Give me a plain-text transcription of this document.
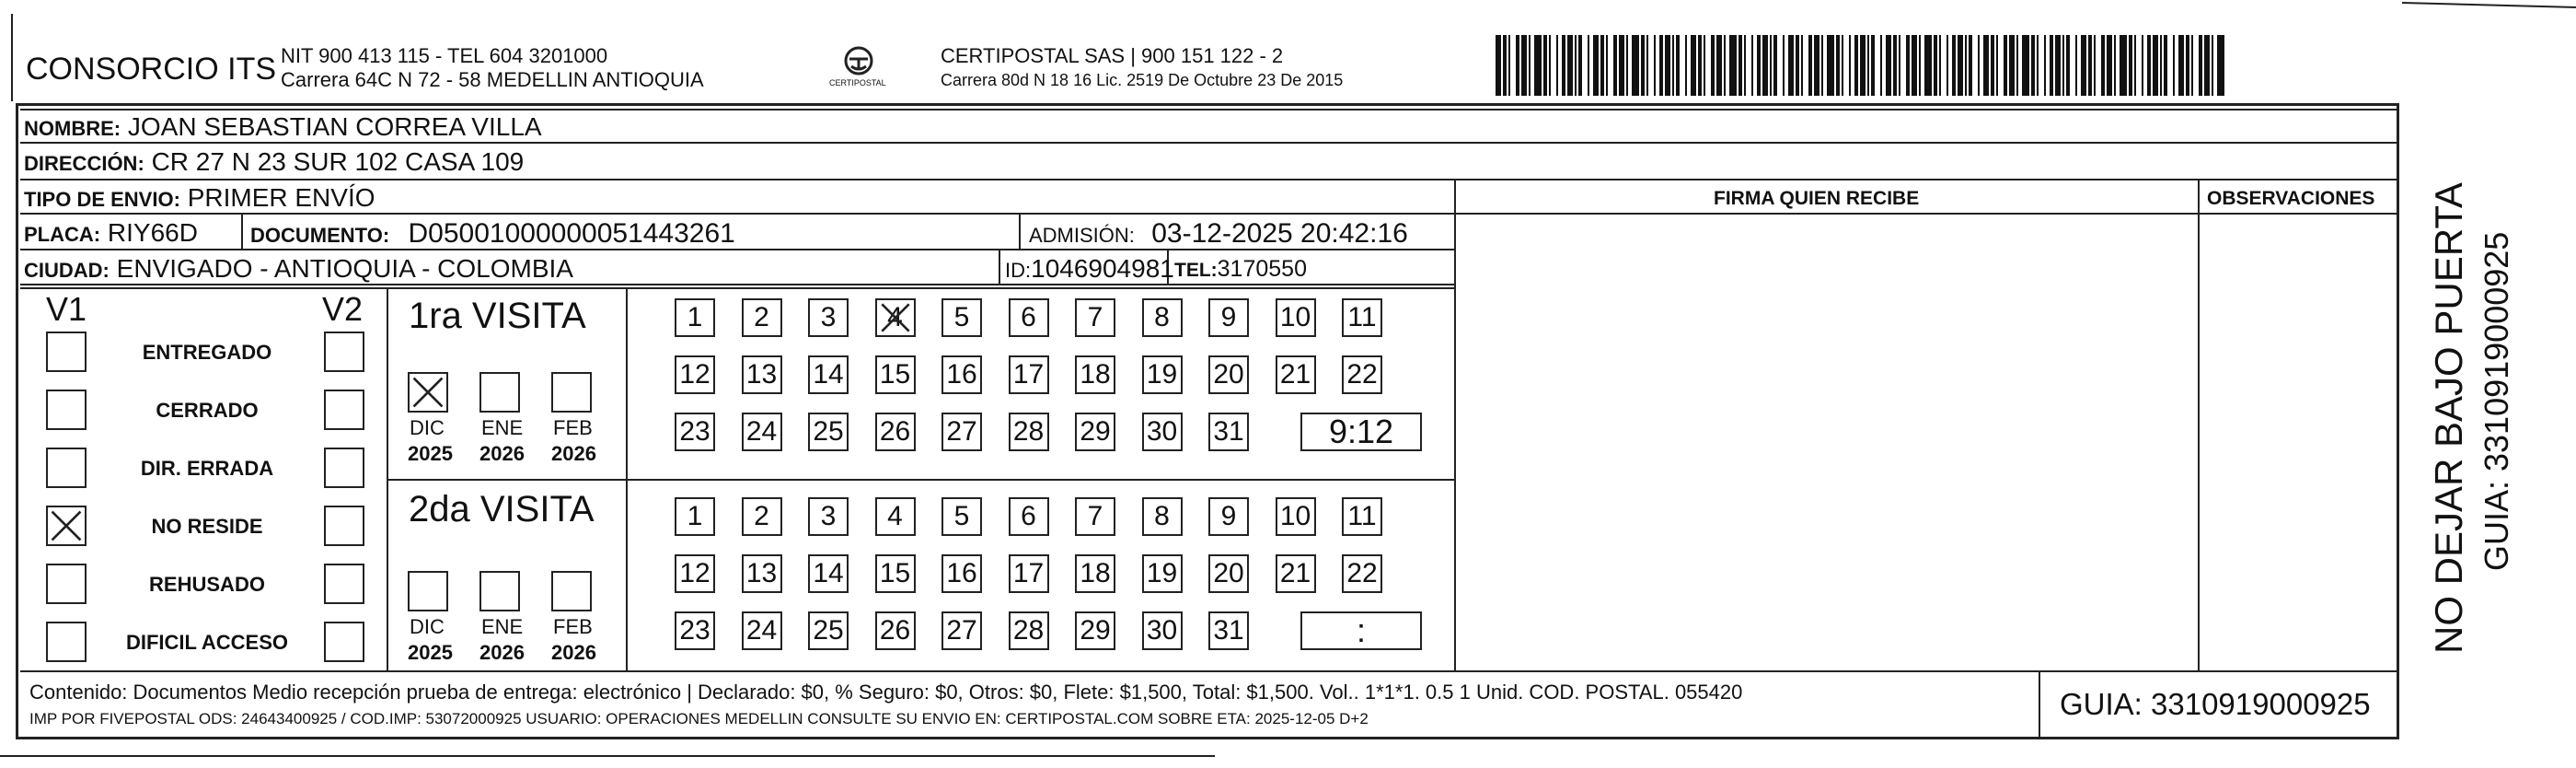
CONSORCIO ITS NIT 900 413 115 - TEL 604 3201000
Carrera 64C N 72 - 58 MEDELLIN ANTIOQUIA	CERTIPOSTAL
CERTIPOSTAL SAS | 900 151 122 - 2
Carrera 80d N 18 16 Lic. 2519 De Octubre 23 De 2015
NOMBRE: JOAN SEBASTIAN CORREA VILLA
DIRECCIÓN: CR 27 N 23 SUR 102 CASA 109
TIPO DE ENVIO: PRIMER ENVÍO	FIRMA QUIEN RECIBE	OBSERVACIONES
PLACA: RIY66D	DOCUMENTO: D05001000000051443261	ADMISIÓN: 03-12-2025 20:42:16
CIUDAD: ENVIGADO - ANTIOQUIA - COLOMBIA	ID:1046904981 TEL:3170550
V1	V2
ENTREGADO
CERRADO
DIR. ERRADA
NO RESIDE
REHUSADO
DIFICIL ACCESO
1ra VISITA
2da VISITA
DIC
2025
ENE
2026
FEB
2026
1	2	3	4	5	6	7	8	9	10 11
12 13 14 15 16 17 18 19 20 21 22
23 24 25 26 27 28 29 30 31	9:12
DIC
2025
ENE
2026
FEB
2026
1	2	3	4	5	6	7	8	9	10 11
12 13 14 15 16 17 18 19 20 21 22
23 24 25 26 27 28 29 30 31	:
Contenido: Documentos Medio recepción prueba de entrega: electrónico | Declarado: $0, % Seguro: $0, Otros: $0, Flete: $1,500, Total: $1,500. Vol.. 1*1*1. 0.5 1 Unid. COD. POSTAL. 055420
IMP POR FIVEPOSTAL ODS: 24643400925 / COD.IMP: 53072000925 USUARIO: OPERACIONES MEDELLIN CONSULTE SU ENVIO EN: CERTIPOSTAL.COM SOBRE ETA: 2025-12-05 D+2	GUIA: 3310919000925
NO DEJAR BAJO PUERTA GUIA: 3310919000925
